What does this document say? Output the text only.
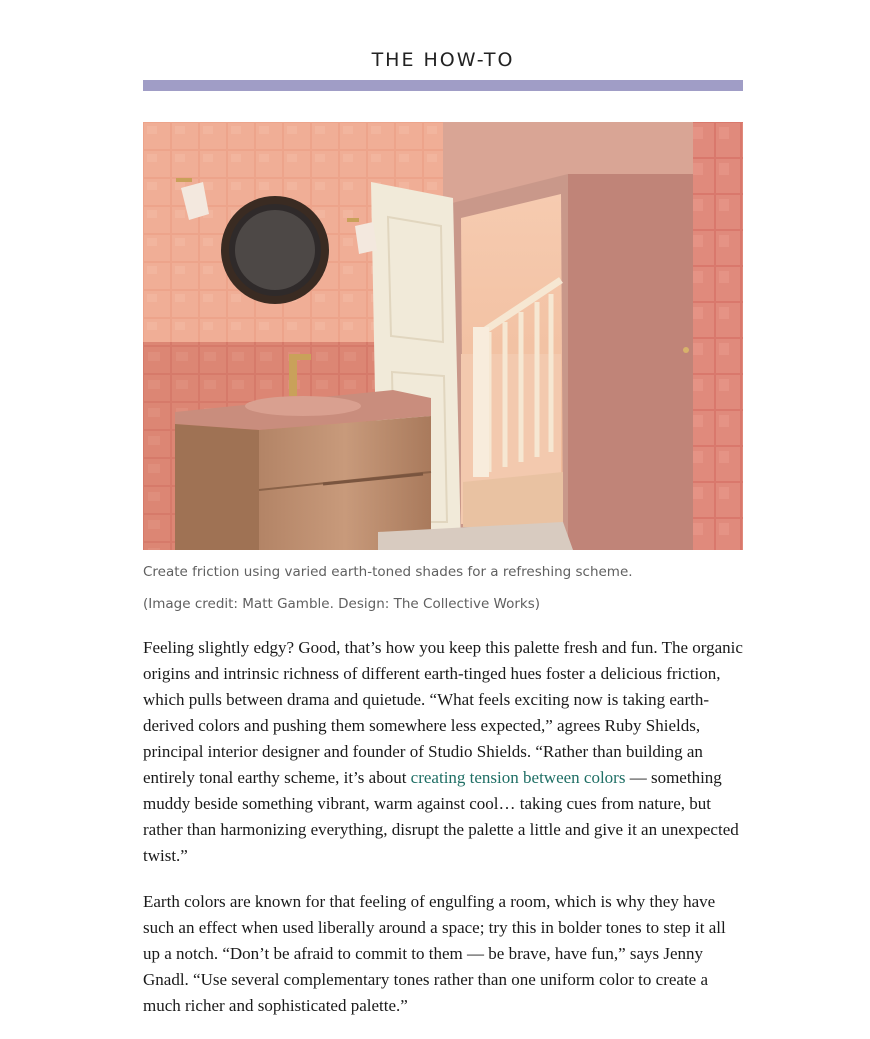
THE HOW-TO
Create friction using varied earth-toned shades for a refreshing scheme.
(Image credit: Matt Gamble. Design: The Collective Works)

Feeling slightly edgy? Good, that’s how you keep this palette fresh and fun. The organic origins and intrinsic richness of different earth-tinged hues foster a delicious friction, which pulls between drama and quietude. “What feels exciting now is taking earth-derived colors and pushing them somewhere less expected,” agrees Ruby Shields, principal interior designer and founder of Studio Shields. “Rather than building an entirely tonal earthy scheme, it’s about creating tension between colors — something muddy beside something vibrant, warm against cool… taking cues from nature, but rather than harmonizing everything, disrupt the palette a little and give it an unexpected twist.”

Earth colors are known for that feeling of engulfing a room, which is why they have such an effect when used liberally around a space; try this in bolder tones to step it all up a notch. “Don’t be afraid to commit to them — be brave, have fun,” says Jenny Gnadl. “Use several complementary tones rather than one uniform color to create a much richer and sophisticated palette.”
